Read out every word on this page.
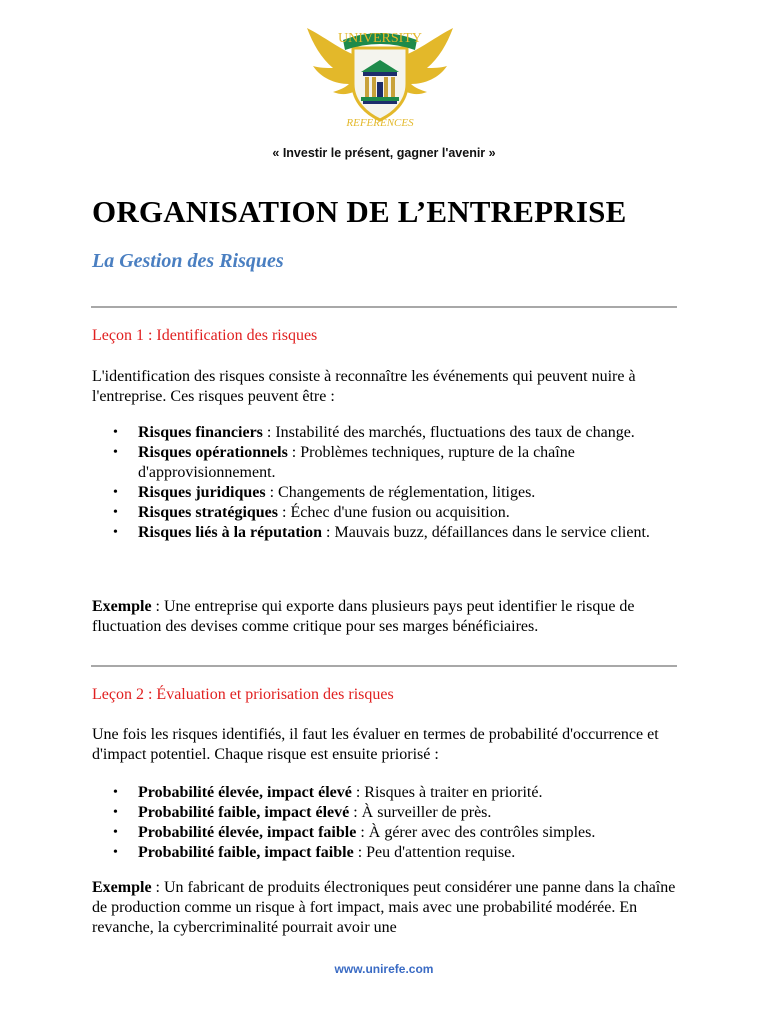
UNIVERSITY
REFERENCES
« Investir le présent, gagner l'avenir »
ORGANISATION DE L’ENTREPRISE
La Gestion des Risques
Leçon 1 : Identification des risques

L'identification des risques consiste à reconnaître les événements qui peuvent nuire à l'entreprise. Ces risques peuvent être :

• Risques financiers : Instabilité des marchés, fluctuations des taux de change.
• Risques opérationnels : Problèmes techniques, rupture de la chaîne d'approvisionnement.
• Risques juridiques : Changements de réglementation, litiges.
• Risques stratégiques : Échec d'une fusion ou acquisition.
• Risques liés à la réputation : Mauvais buzz, défaillances dans le service client.

Exemple : Une entreprise qui exporte dans plusieurs pays peut identifier le risque de fluctuation des devises comme critique pour ses marges bénéficiaires.

Leçon 2 : Évaluation et priorisation des risques

Une fois les risques identifiés, il faut les évaluer en termes de probabilité d'occurrence et d'impact potentiel. Chaque risque est ensuite priorisé :

• Probabilité élevée, impact élevé : Risques à traiter en priorité.
• Probabilité faible, impact élevé : À surveiller de près.
• Probabilité élevée, impact faible : À gérer avec des contrôles simples.
• Probabilité faible, impact faible : Peu d'attention requise.

Exemple : Un fabricant de produits électroniques peut considérer une panne dans la chaîne de production comme un risque à fort impact, mais avec une probabilité modérée. En revanche, la cybercriminalité pourrait avoir une

www.unirefe.com
